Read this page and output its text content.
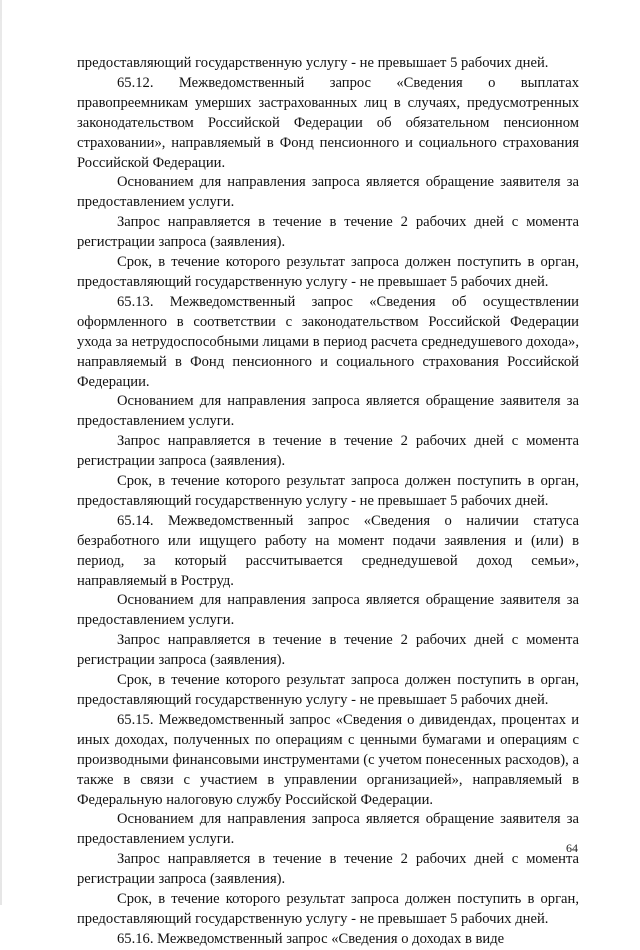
предоставляющий государственную услугу - не превышает 5 рабочих дней.

65.12. Межведомственный запрос «Сведения о выплатах правопреемникам умерших застрахованных лиц в случаях, предусмотренных законодательством Российской Федерации об обязательном пенсионном страховании», направляемый в Фонд пенсионного и социального страхования Российской Федерации.

Основанием для направления запроса является обращение заявителя за предоставлением услуги.

Запрос направляется в течение в течение 2 рабочих дней с момента регистрации запроса (заявления).

Срок, в течение которого результат запроса должен поступить в орган, предоставляющий государственную услугу - не превышает 5 рабочих дней.

65.13. Межведомственный запрос «Сведения об осуществлении оформленного в соответствии с законодательством Российской Федерации ухода за нетрудоспособными лицами в период расчета среднедушевого дохода», направляемый в Фонд пенсионного и социального страхования Российской Федерации.

Основанием для направления запроса является обращение заявителя за предоставлением услуги.

Запрос направляется в течение в течение 2 рабочих дней с момента регистрации запроса (заявления).

Срок, в течение которого результат запроса должен поступить в орган, предоставляющий государственную услугу - не превышает 5 рабочих дней.

65.14. Межведомственный запрос «Сведения о наличии статуса безработного или ищущего работу на момент подачи заявления и (или) в период, за который рассчитывается среднедушевой доход семьи», направляемый в Роструд.

Основанием для направления запроса является обращение заявителя за предоставлением услуги.

Запрос направляется в течение в течение 2 рабочих дней с момента регистрации запроса (заявления).

Срок, в течение которого результат запроса должен поступить в орган, предоставляющий государственную услугу - не превышает 5 рабочих дней.

65.15. Межведомственный запрос «Сведения о дивидендах, процентах и иных доходах, полученных по операциям с ценными бумагами и операциям с производными финансовыми инструментами (с учетом понесенных расходов), а также в связи с участием в управлении организацией», направляемый в Федеральную налоговую службу Российской Федерации.

Основанием для направления запроса является обращение заявителя за предоставлением услуги.

Запрос направляется в течение в течение 2 рабочих дней с момента регистрации запроса (заявления).

Срок, в течение которого результат запроса должен поступить в орган, предоставляющий государственную услугу - не превышает 5 рабочих дней.

65.16. Межведомственный запрос «Сведения о доходах в виде

64
